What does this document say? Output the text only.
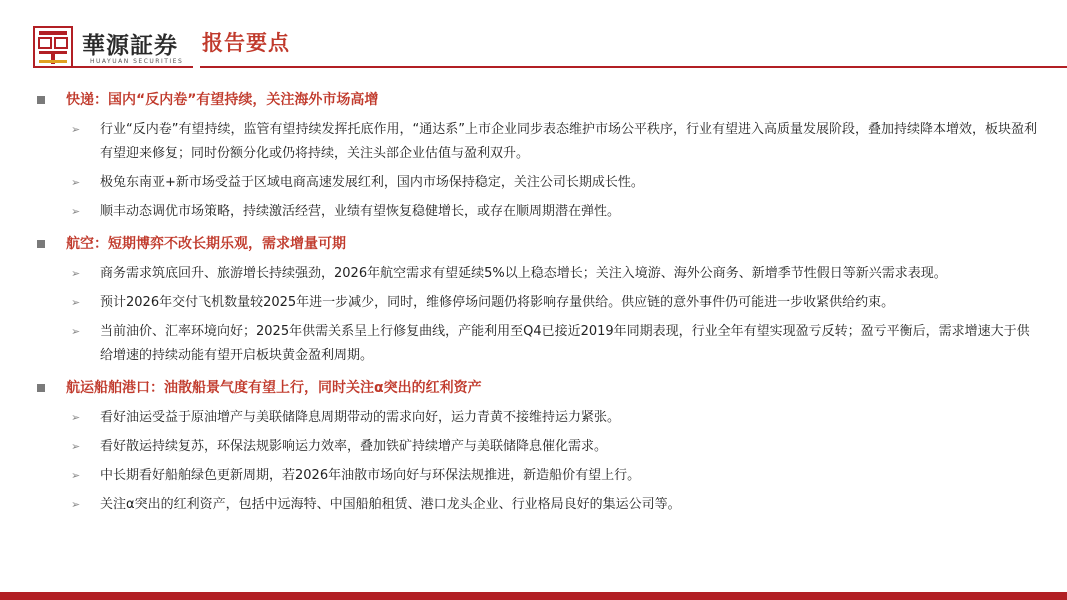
華源証券
HUAYUAN SECURITIES
报告要点
快递：国内“反内卷”有望持续，关注海外市场高增
➢ 行业“反内卷”有望持续，监管有望持续发挥托底作用，“通达系”上市企业同步表态维护市场公平秩序，行业有望进入高质量发展阶段，叠加持续降本增效，板块盈利有望迎来修复；同时份额分化或仍将持续，关注头部企业估值与盈利双升。
➢ 极兔东南亚+新市场受益于区域电商高速发展红利，国内市场保持稳定，关注公司长期成长性。
➢ 顺丰动态调优市场策略，持续激活经营，业绩有望恢复稳健增长，或存在顺周期潜在弹性。
航空：短期博弈不改长期乐观，需求增量可期
➢ 商务需求筑底回升、旅游增长持续强劲，2026年航空需求有望延续5%以上稳态增长；关注入境游、海外公商务、新增季节性假日等新兴需求表现。
➢ 预计2026年交付飞机数量较2025年进一步减少，同时，维修停场问题仍将影响存量供给。供应链的意外事件仍可能进一步收紧供给约束。
➢ 当前油价、汇率环境向好；2025年供需关系呈上行修复曲线，产能利用至Q4已接近2019年同期表现，行业全年有望实现盈亏反转；盈亏平衡后，需求增速大于供给增速的持续动能有望开启板块黄金盈利周期。
航运船舶港口：油散船景气度有望上行，同时关注α突出的红利资产
➢ 看好油运受益于原油增产与美联储降息周期带动的需求向好，运力青黄不接维持运力紧张。
➢ 看好散运持续复苏，环保法规影响运力效率，叠加铁矿持续增产与美联储降息催化需求。
➢ 中长期看好船舶绿色更新周期，若2026年油散市场向好与环保法规推进，新造船价有望上行。
➢ 关注α突出的红利资产，包括中远海特、中国船舶租赁、港口龙头企业、行业格局良好的集运公司等。
